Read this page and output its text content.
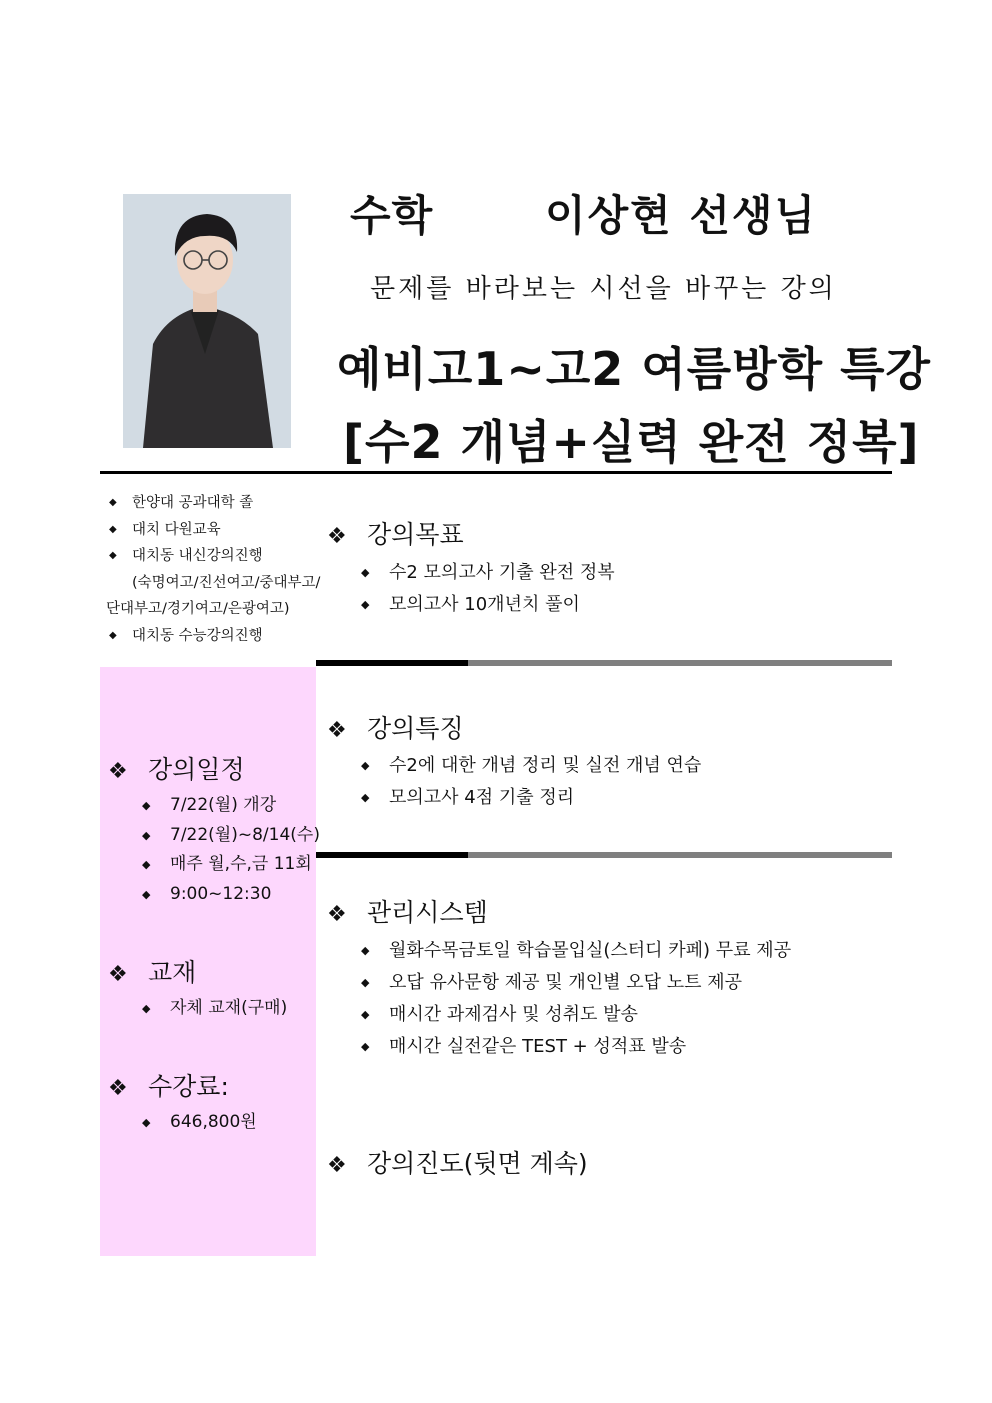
수학	이상현 선생님
문제를 바라보는 시선을 바꾸는 강의
예비고1~고2 여름방학 특강
[수2 개념+실력 완전 정복]
◆ 한양대 공과대학 졸
◆ 대치 다원교육
◆ 대치동 내신강의진행
(숙명여고/진선여고/중대부고/
단대부고/경기여고/은광여고)
◆ 대치동 수능강의진행
❖ 강의일정
◆ 7/22(월) 개강
◆ 7/22(월)~8/14(수)
◆ 매주 월,수,금 11회
◆ 9:00~12:30
❖ 교재
◆ 자체 교재(구매)
❖ 수강료:
◆ 646,800원
❖ 강의목표
◆ 수2 모의고사 기출 완전 정복
◆ 모의고사 10개년치 풀이
❖ 강의특징
◆ 수2에 대한 개념 정리 및 실전 개념 연습
◆ 모의고사 4점 기출 정리
❖ 관리시스템
◆ 월화수목금토일 학습몰입실(스터디 카페) 무료 제공
◆ 오답 유사문항 제공 및 개인별 오답 노트 제공
◆ 매시간 과제검사 및 성취도 발송
◆ 매시간 실전같은 TEST + 성적표 발송
❖ 강의진도(뒷면 계속)
